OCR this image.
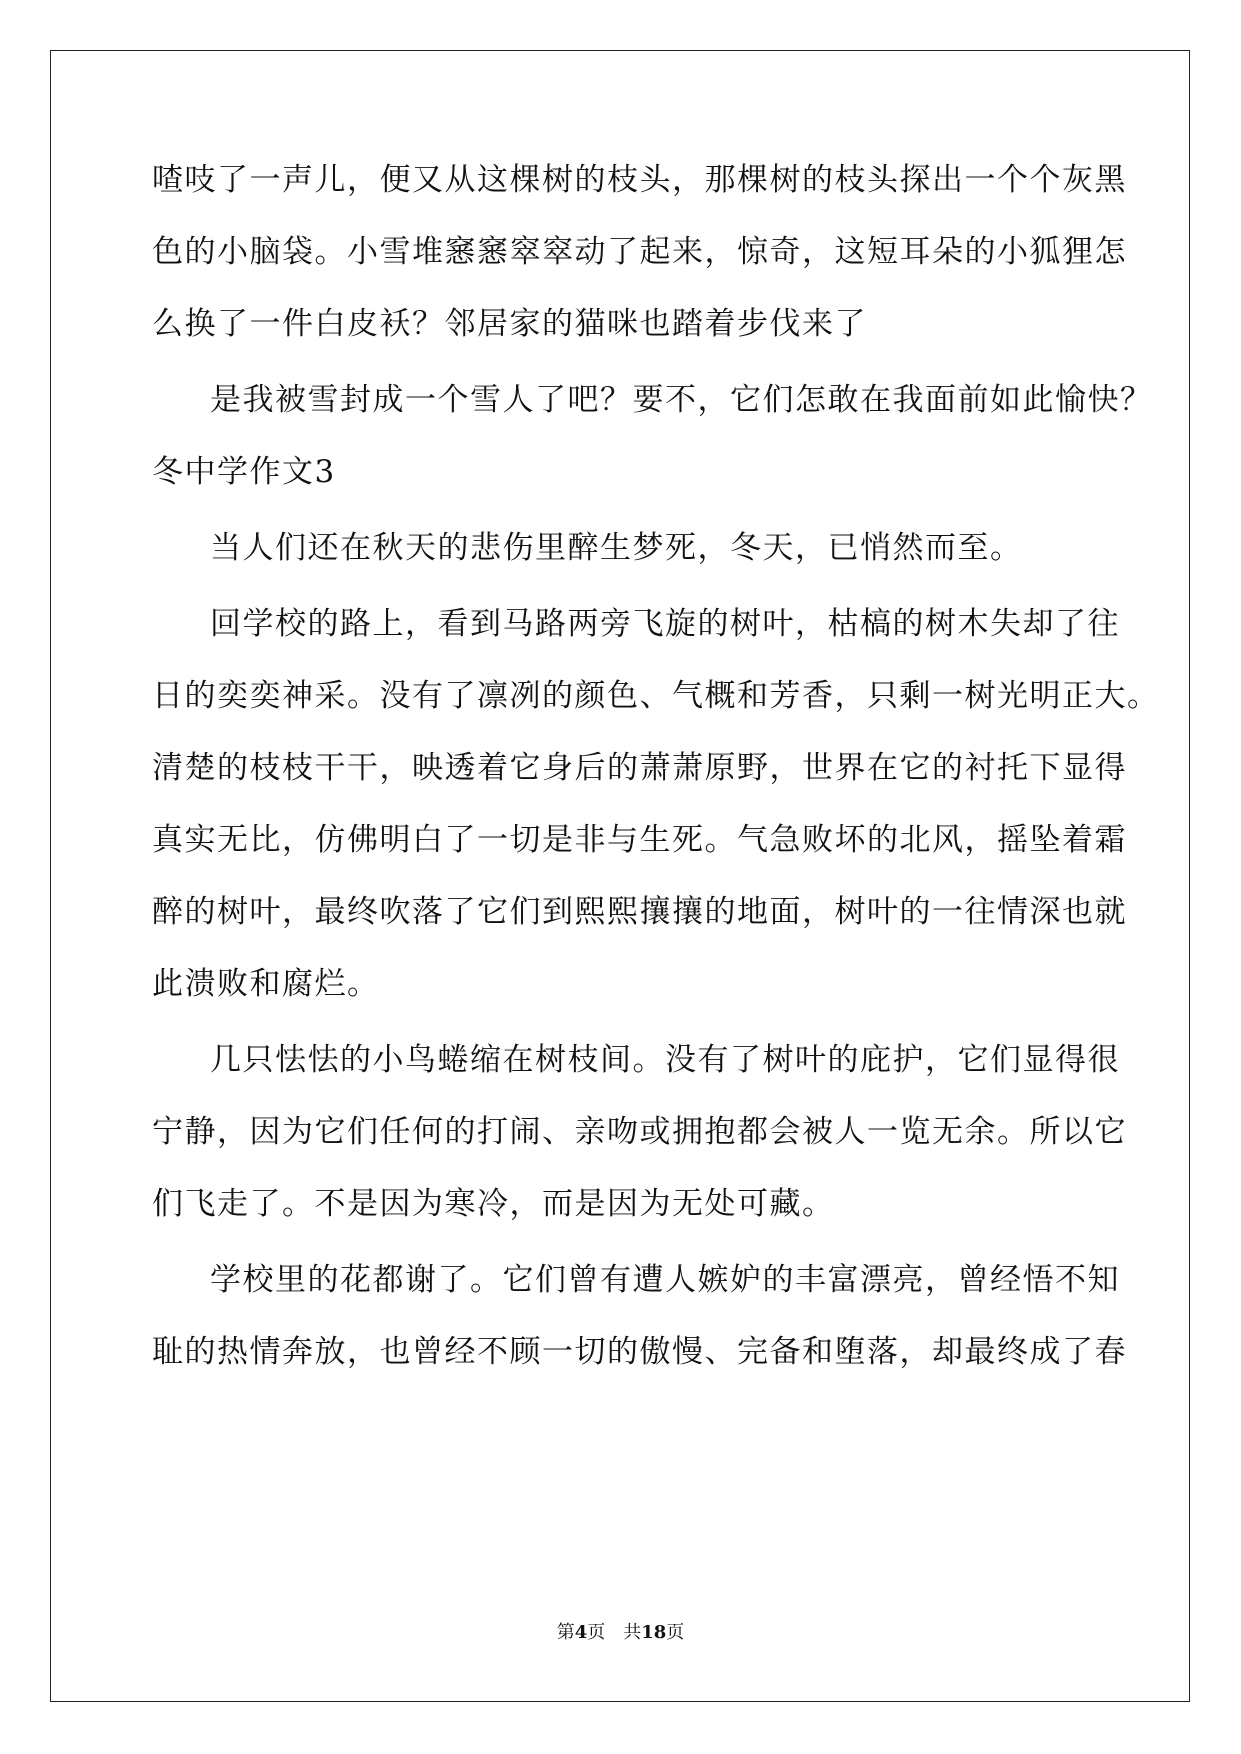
喳吱了一声儿，便又从这棵树的枝头，那棵树的枝头探出一个个灰黑
色的小脑袋。小雪堆窸窸窣窣动了起来，惊奇，这短耳朵的小狐狸怎
么换了一件白皮袄？邻居家的猫咪也踏着步伐来了
是我被雪封成一个雪人了吧？要不，它们怎敢在我面前如此愉快？
冬中学作文3
当人们还在秋天的悲伤里醉生梦死，冬天，已悄然而至。
回学校的路上，看到马路两旁飞旋的树叶，枯槁的树木失却了往
日的奕奕神采。没有了凛冽的颜色、气概和芳香，只剩一树光明正大。
清楚的枝枝干干，映透着它身后的萧萧原野，世界在它的衬托下显得
真实无比，仿佛明白了一切是非与生死。气急败坏的北风，摇坠着霜
醉的树叶，最终吹落了它们到熙熙攘攘的地面，树叶的一往情深也就
此溃败和腐烂。
几只怯怯的小鸟蜷缩在树枝间。没有了树叶的庇护，它们显得很
宁静，因为它们任何的打闹、亲吻或拥抱都会被人一览无余。所以它
们飞走了。不是因为寒冷，而是因为无处可藏。
学校里的花都谢了。它们曾有遭人嫉妒的丰富漂亮，曾经悟不知
耻的热情奔放，也曾经不顾一切的傲慢、完备和堕落，却最终成了春
第4页　共18页
